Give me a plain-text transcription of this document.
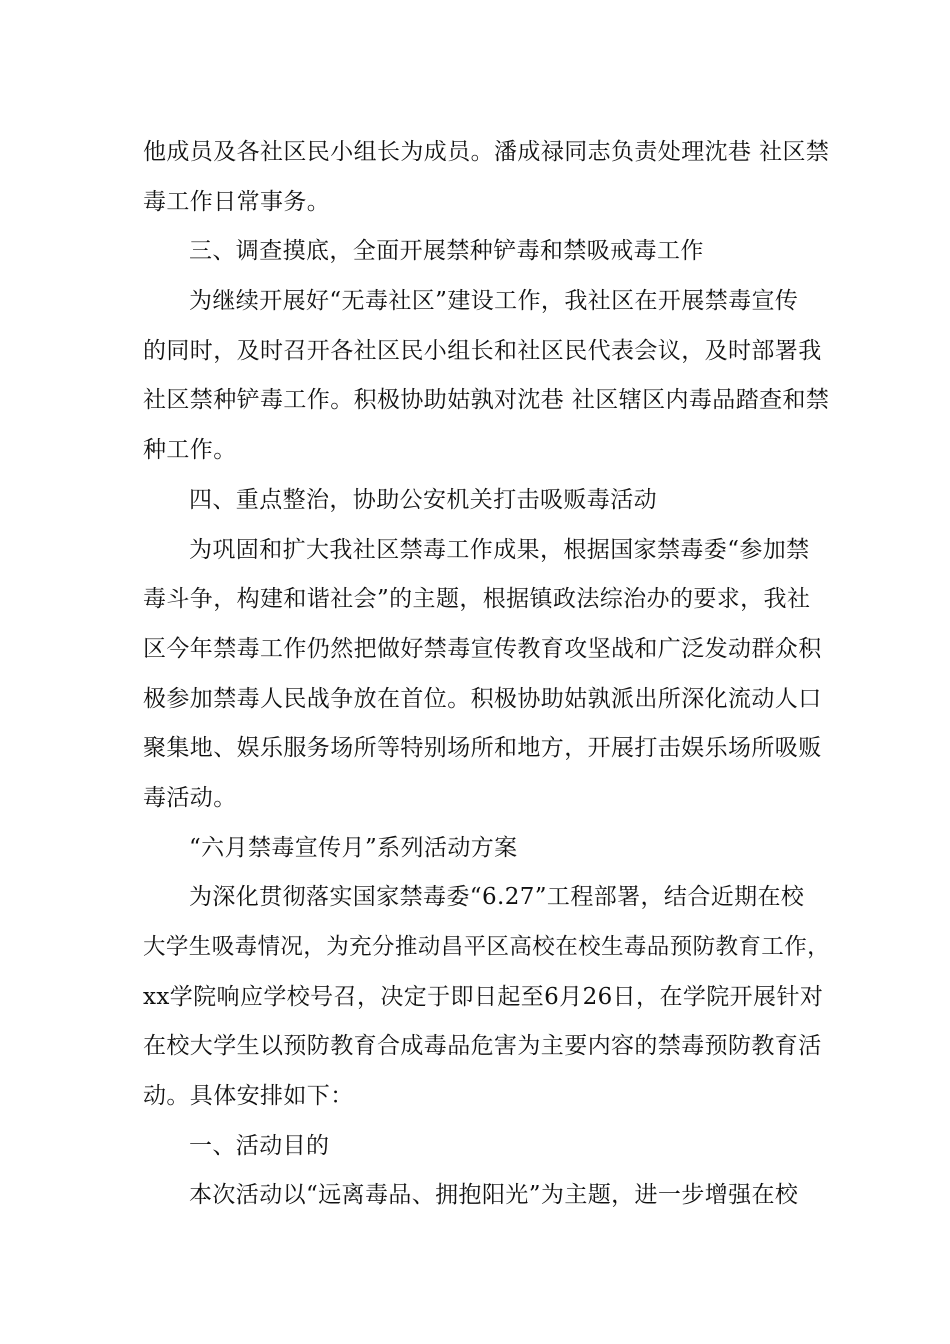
他成员及各社区民小组长为成员。潘成禄同志负责处理沈巷 社区禁
毒工作日常事务。
三、调查摸底，全面开展禁种铲毒和禁吸戒毒工作
为继续开展好“无毒社区”建设工作，我社区在开展禁毒宣传
的同时，及时召开各社区民小组长和社区民代表会议，及时部署我
社区禁种铲毒工作。积极协助姑孰对沈巷 社区辖区内毒品踏查和禁
种工作。
四、重点整治，协助公安机关打击吸贩毒活动
为巩固和扩大我社区禁毒工作成果，根据国家禁毒委“参加禁
毒斗争，构建和谐社会”的主题，根据镇政法综治办的要求，我社
区今年禁毒工作仍然把做好禁毒宣传教育攻坚战和广泛发动群众积
极参加禁毒人民战争放在首位。积极协助姑孰派出所深化流动人口
聚集地、娱乐服务场所等特别场所和地方，开展打击娱乐场所吸贩
毒活动。
“六月禁毒宣传月”系列活动方案
为深化贯彻落实国家禁毒委“6.27”工程部署，结合近期在校
大学生吸毒情况，为充分推动昌平区高校在校生毒品预防教育工作，
xx学院响应学校号召，决定于即日起至6月26日，在学院开展针对
在校大学生以预防教育合成毒品危害为主要内容的禁毒预防教育活
动。具体安排如下：
一、活动目的
本次活动以“远离毒品、拥抱阳光”为主题，进一步增强在校
